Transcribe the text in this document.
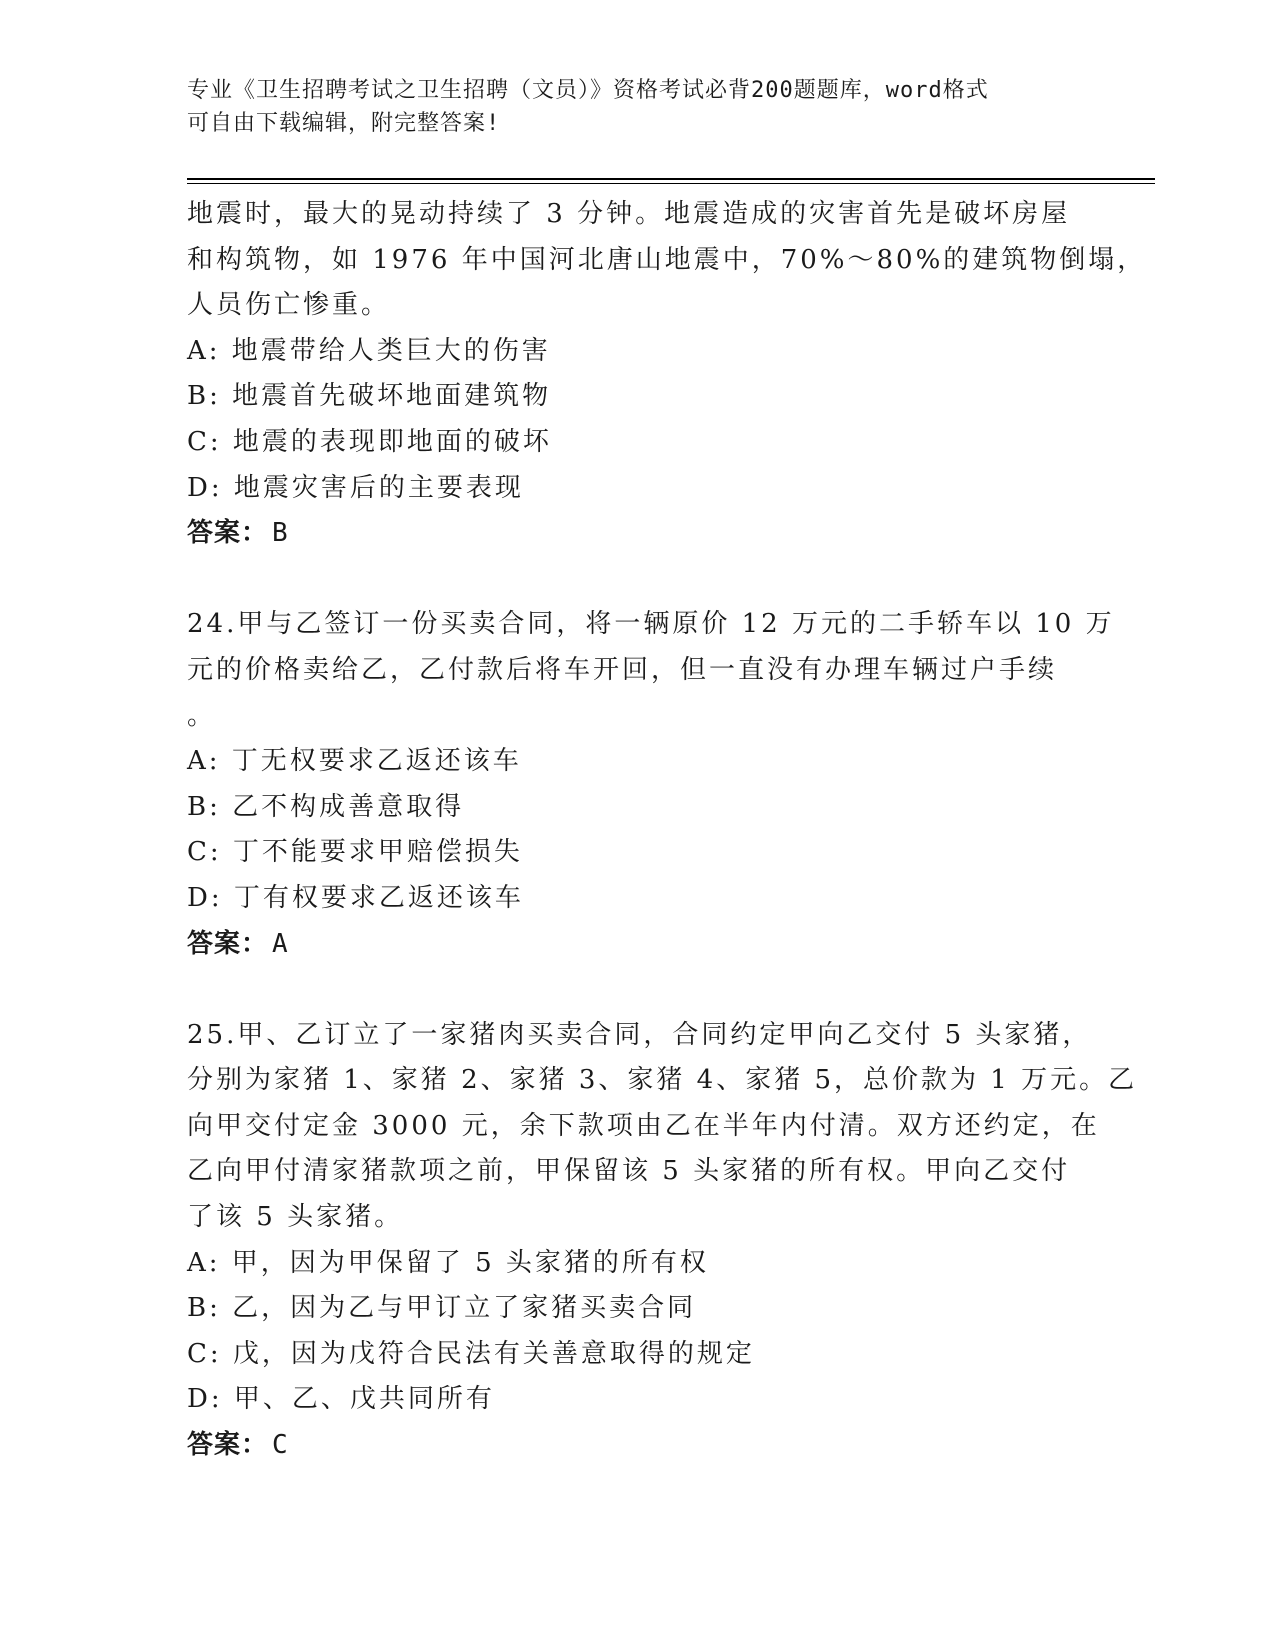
专业《卫生招聘考试之卫生招聘（文员）》资格考试必背200题题库，word格式
可自由下载编辑，附完整答案!
地震时，最大的晃动持续了 3 分钟。地震造成的灾害首先是破坏房屋
和构筑物，如 1976 年中国河北唐山地震中，70%～80%的建筑物倒塌，
人员伤亡惨重。
A: 地震带给人类巨大的伤害
B: 地震首先破坏地面建筑物
C: 地震的表现即地面的破坏
D: 地震灾害后的主要表现
答案： B
24.甲与乙签订一份买卖合同，将一辆原价 12 万元的二手轿车以 10 万
元的价格卖给乙，乙付款后将车开回，但一直没有办理车辆过户手续
。
A: 丁无权要求乙返还该车
B: 乙不构成善意取得
C: 丁不能要求甲赔偿损失
D: 丁有权要求乙返还该车
答案： A
25.甲、乙订立了一家猪肉买卖合同，合同约定甲向乙交付 5 头家猪，
分别为家猪 1、家猪 2、家猪 3、家猪 4、家猪 5，总价款为 1 万元。乙
向甲交付定金 3000 元，余下款项由乙在半年内付清。双方还约定，在
乙向甲付清家猪款项之前，甲保留该 5 头家猪的所有权。甲向乙交付
了该 5 头家猪。
A: 甲，因为甲保留了 5 头家猪的所有权
B: 乙，因为乙与甲订立了家猪买卖合同
C: 戊，因为戊符合民法有关善意取得的规定
D: 甲、乙、戊共同所有
答案： C
